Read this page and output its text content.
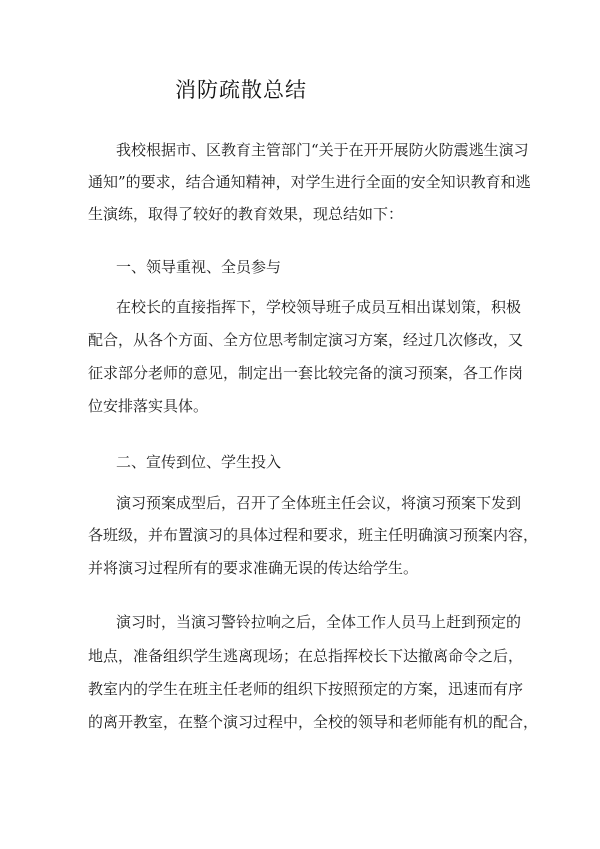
消防疏散总结
我校根据市、区教育主管部门“关于在开开展防火防震逃生演习
通知”的要求，结合通知精神，对学生进行全面的安全知识教育和逃
生演练，取得了较好的教育效果，现总结如下：
一、领导重视、全员参与
在校长的直接指挥下，学校领导班子成员互相出谋划策，积极
配合，从各个方面、全方位思考制定演习方案，经过几次修改，又
征求部分老师的意见，制定出一套比较完备的演习预案，各工作岗
位安排落实具体。
二、宣传到位、学生投入
演习预案成型后，召开了全体班主任会议，将演习预案下发到
各班级，并布置演习的具体过程和要求，班主任明确演习预案内容，
并将演习过程所有的要求准确无误的传达给学生。
演习时，当演习警铃拉响之后，全体工作人员马上赶到预定的
地点，准备组织学生逃离现场；在总指挥校长下达撤离命令之后，
教室内的学生在班主任老师的组织下按照预定的方案，迅速而有序
的离开教室，在整个演习过程中，全校的领导和老师能有机的配合，
